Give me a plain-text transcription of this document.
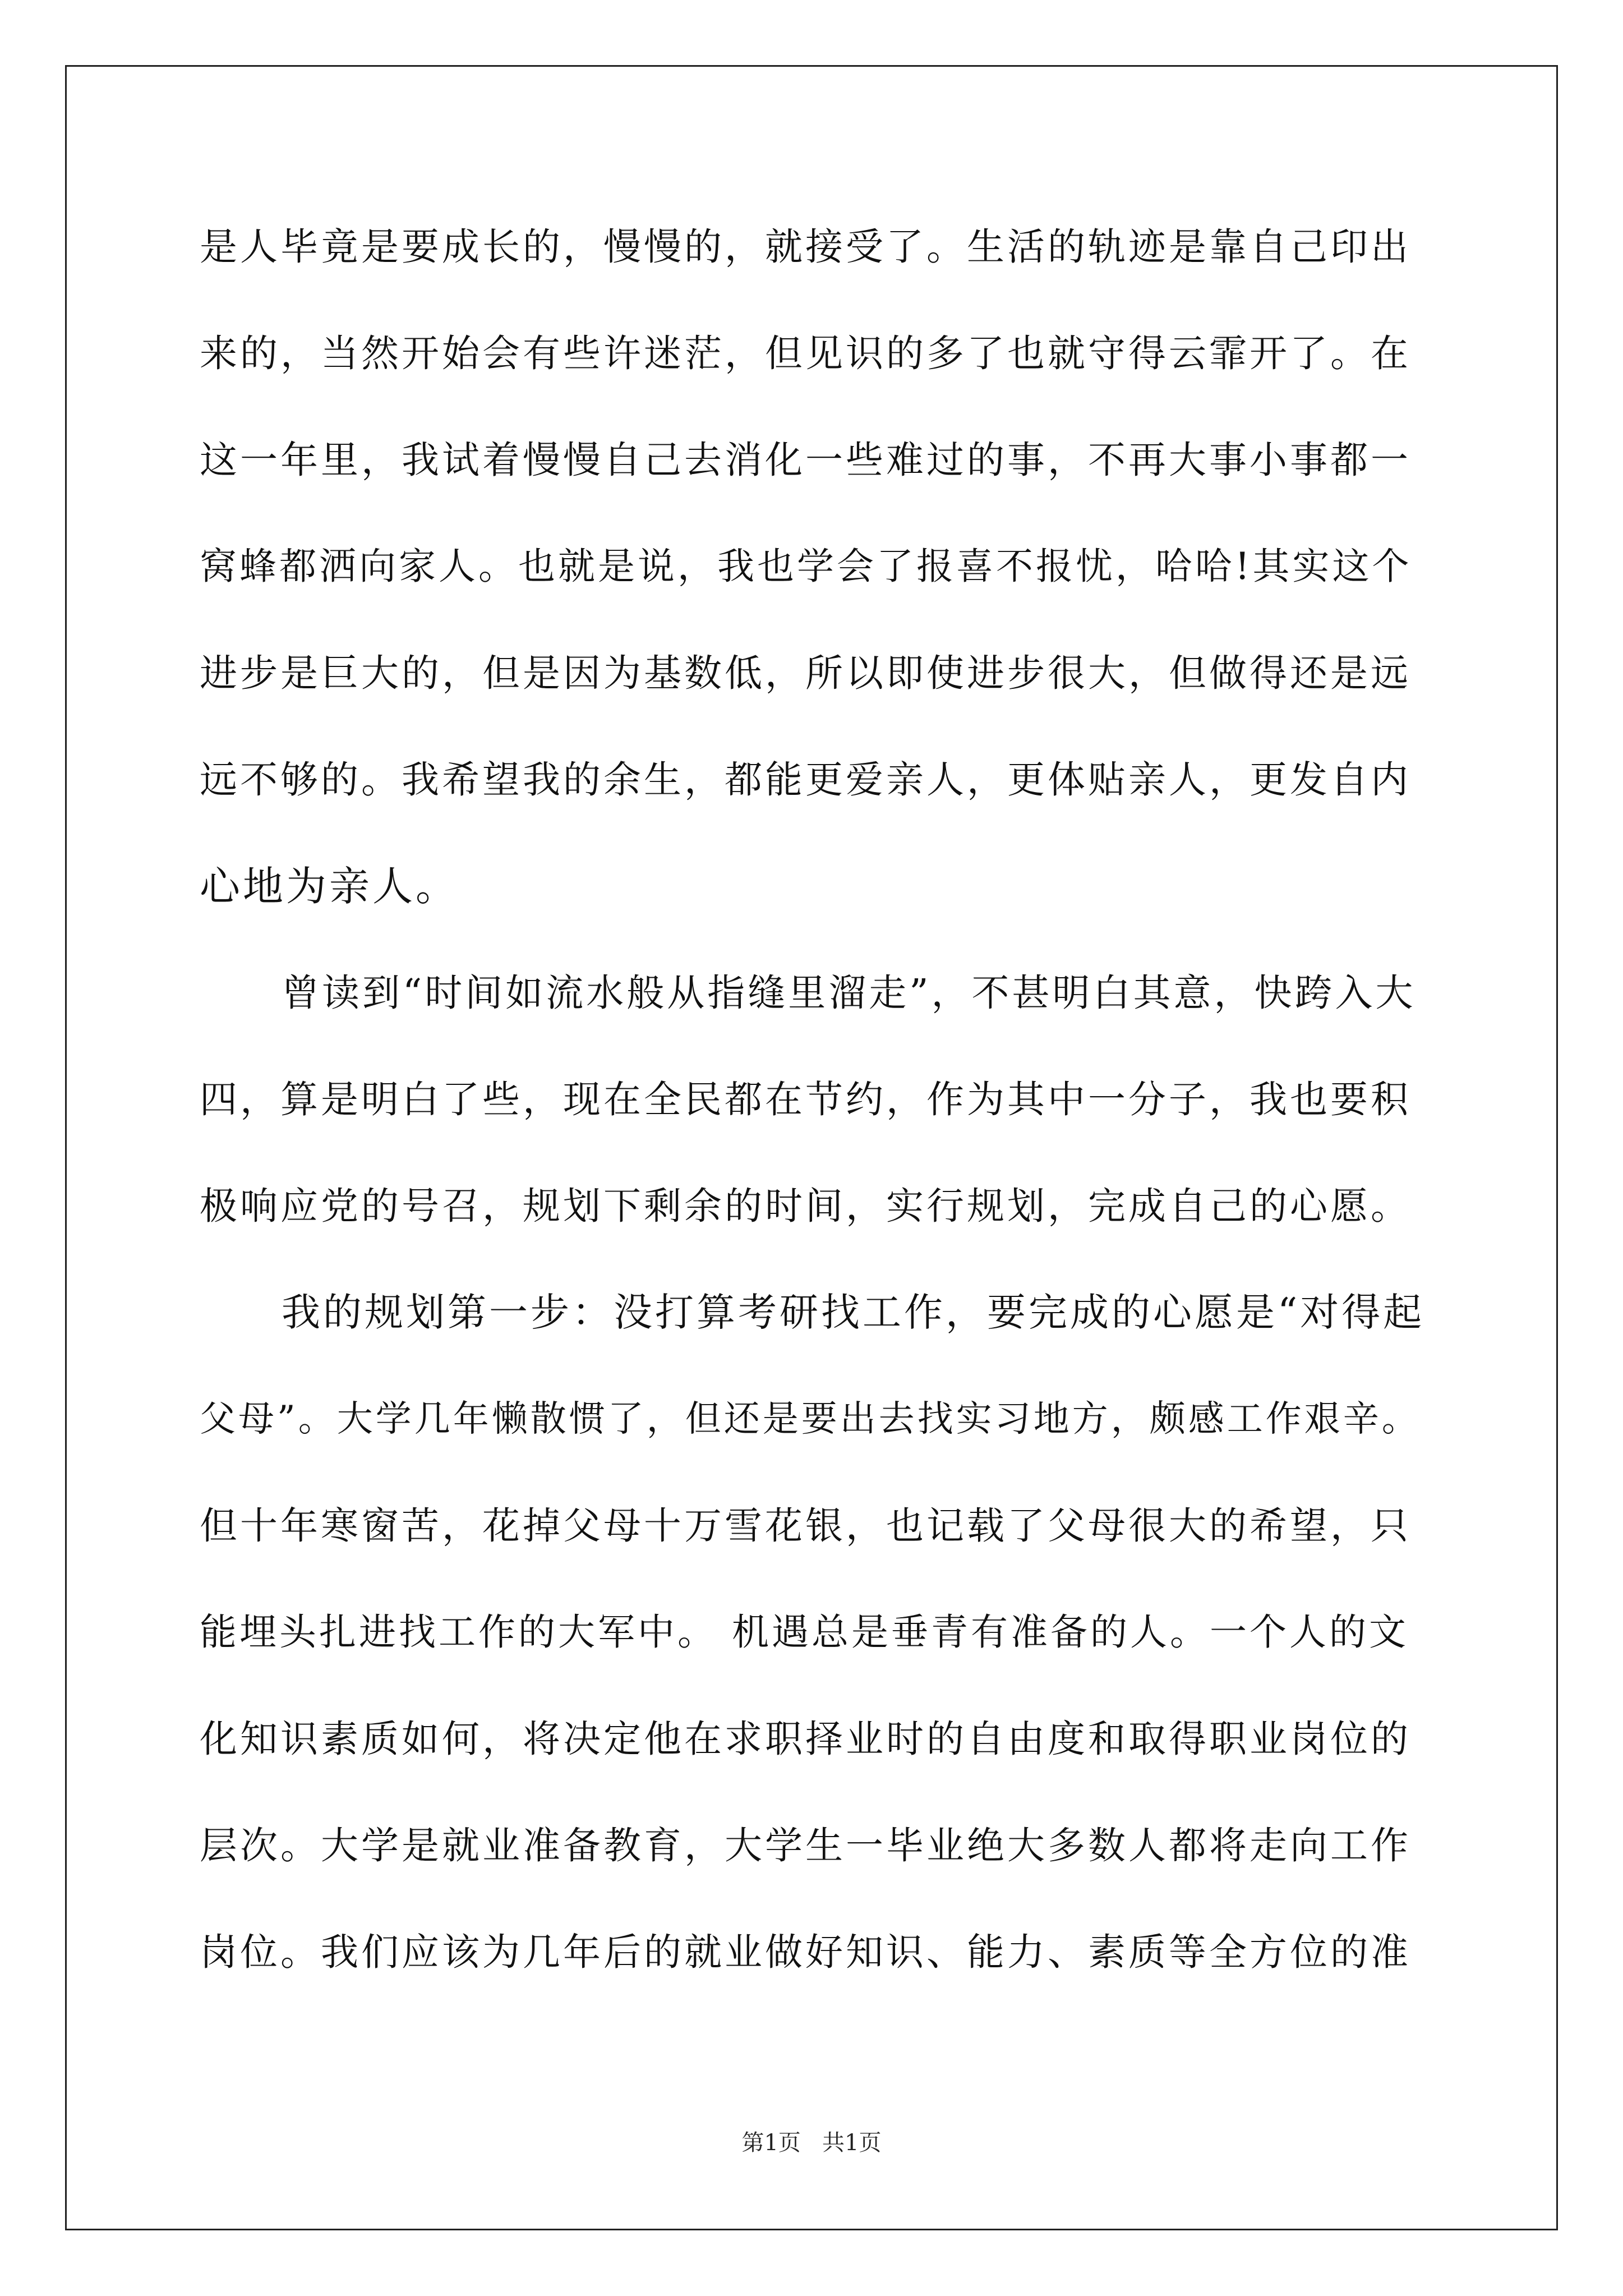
是人毕竟是要成长的，慢慢的，就接受了。生活的轨迹是靠自己印出
来的，当然开始会有些许迷茫，但见识的多了也就守得云霏开了。在
这一年里，我试着慢慢自己去消化一些难过的事，不再大事小事都一
窝蜂都洒向家人。也就是说，我也学会了报喜不报忧，哈哈!其实这个
进步是巨大的，但是因为基数低，所以即使进步很大，但做得还是远
远不够的。我希望我的余生，都能更爱亲人，更体贴亲人，更发自内
心地为亲人。
曾读到“时间如流水般从指缝里溜走”，不甚明白其意，快跨入大
四，算是明白了些，现在全民都在节约，作为其中一分子，我也要积
极响应党的号召，规划下剩余的时间，实行规划，完成自己的心愿。
我的规划第一步：没打算考研找工作，要完成的心愿是“对得起
父母”。大学几年懒散惯了，但还是要出去找实习地方，颇感工作艰辛。
但十年寒窗苦，花掉父母十万雪花银，也记载了父母很大的希望，只
能埋头扎进找工作的大军中。 机遇总是垂青有准备的人。一个人的文
化知识素质如何，将决定他在求职择业时的自由度和取得职业岗位的
层次。大学是就业准备教育，大学生一毕业绝大多数人都将走向工作
岗位。我们应该为几年后的就业做好知识、能力、素质等全方位的准
第1页   共1页
